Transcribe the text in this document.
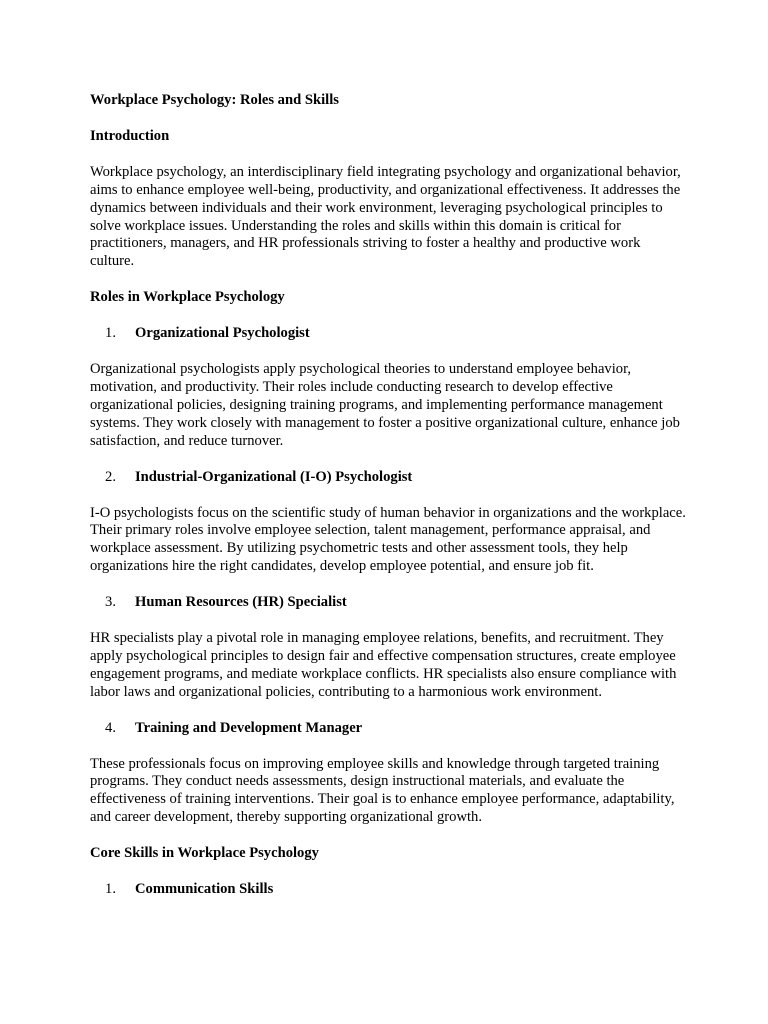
Workplace Psychology: Roles and Skills

Introduction

Workplace psychology, an interdisciplinary field integrating psychology and organizational behavior, aims to enhance employee well-being, productivity, and organizational effectiveness. It addresses the dynamics between individuals and their work environment, leveraging psychological principles to solve workplace issues. Understanding the roles and skills within this domain is critical for practitioners, managers, and HR professionals striving to foster a healthy and productive work culture.

Roles in Workplace Psychology

1.	Organizational Psychologist

Organizational psychologists apply psychological theories to understand employee behavior, motivation, and productivity. Their roles include conducting research to develop effective organizational policies, designing training programs, and implementing performance management systems. They work closely with management to foster a positive organizational culture, enhance job satisfaction, and reduce turnover.

2.	Industrial-Organizational (I-O) Psychologist

I-O psychologists focus on the scientific study of human behavior in organizations and the workplace. Their primary roles involve employee selection, talent management, performance appraisal, and workplace assessment. By utilizing psychometric tests and other assessment tools, they help organizations hire the right candidates, develop employee potential, and ensure job fit.

3.	Human Resources (HR) Specialist

HR specialists play a pivotal role in managing employee relations, benefits, and recruitment. They apply psychological principles to design fair and effective compensation structures, create employee engagement programs, and mediate workplace conflicts. HR specialists also ensure compliance with labor laws and organizational policies, contributing to a harmonious work environment.

4.	Training and Development Manager

These professionals focus on improving employee skills and knowledge through targeted training programs. They conduct needs assessments, design instructional materials, and evaluate the effectiveness of training interventions. Their goal is to enhance employee performance, adaptability, and career development, thereby supporting organizational growth.

Core Skills in Workplace Psychology

1.	Communication Skills
